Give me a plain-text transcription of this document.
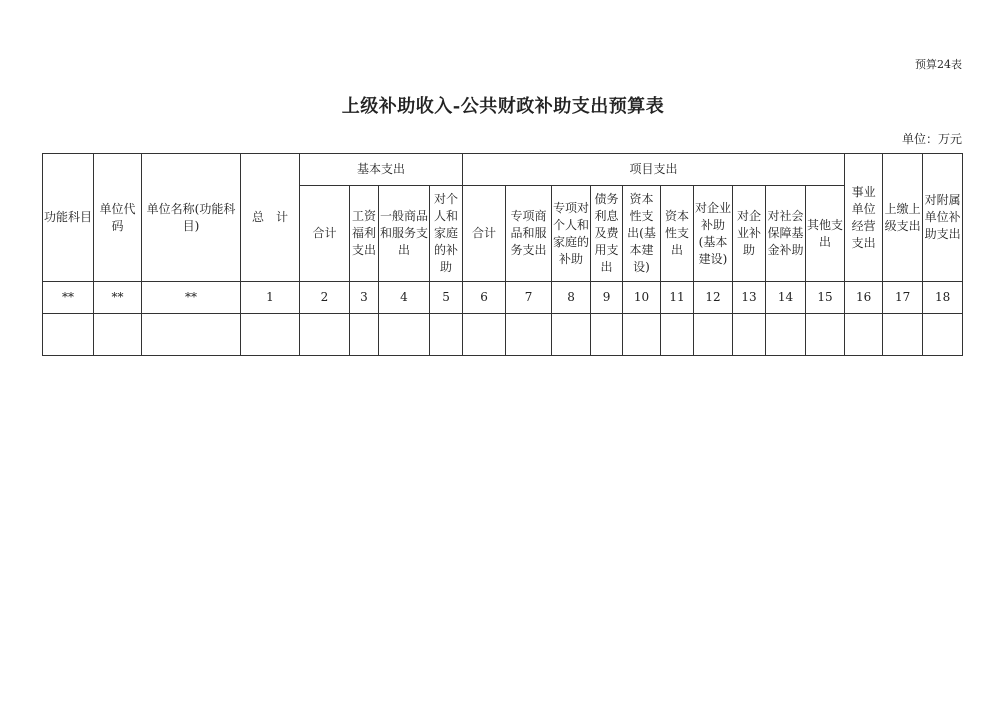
预算24表
上级补助收入-公共财政补助支出预算表
单位：万元
功能科目	单位代码	单位名称(功能科目)	总　计	基本支出				项目支出										事业单位经营支出	上缴上级支出	对附属单位补助支出
				合计	工资福利支出	一般商品和服务支出	对个人和家庭的补助	合计	专项商品和服务支出	专项对个人和家庭的补助	债务利息及费用支出	资本性支出(基本建设)	资本性支出	对企业补助(基本建设)	对企业补助	对社会保障基金补助	其他支出			
**	**	**	1	2	3	4	5	6	7	8	9	10	11	12	13	14	15	16	17	18
